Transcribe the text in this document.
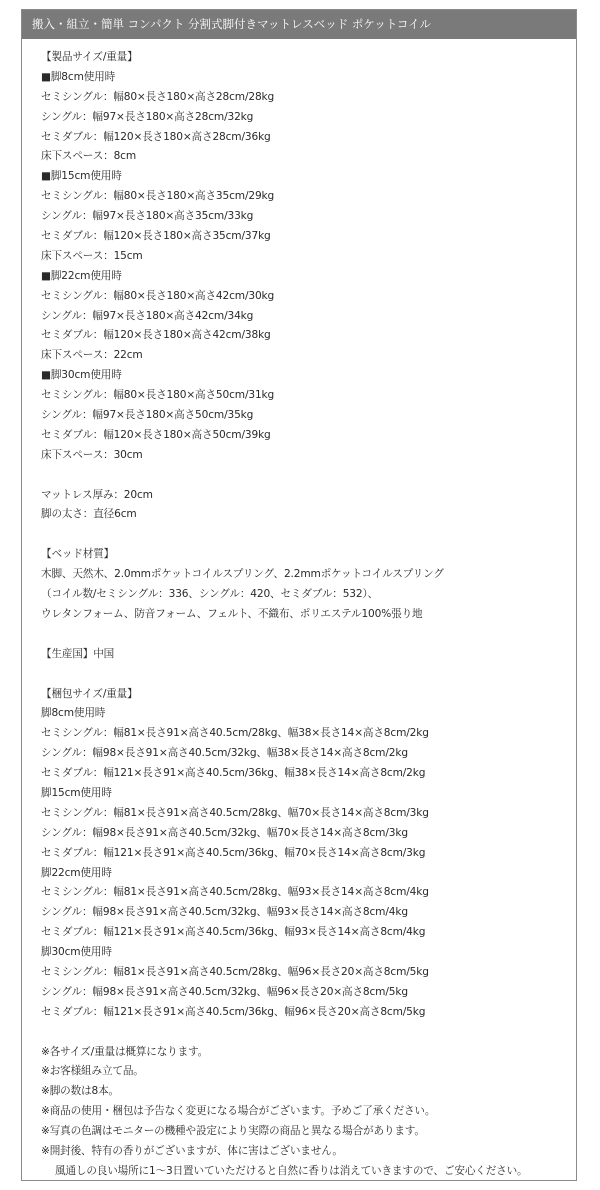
搬入・組立・簡単 コンパクト 分割式脚付きマットレスベッド ポケットコイル
【製品サイズ/重量】
■脚8cm使用時
セミシングル：幅80×長さ180×高さ28cm/28kg
シングル：幅97×長さ180×高さ28cm/32kg
セミダブル：幅120×長さ180×高さ28cm/36kg
床下スペース：8cm
■脚15cm使用時
セミシングル：幅80×長さ180×高さ35cm/29kg
シングル：幅97×長さ180×高さ35cm/33kg
セミダブル：幅120×長さ180×高さ35cm/37kg
床下スペース：15cm
■脚22cm使用時
セミシングル：幅80×長さ180×高さ42cm/30kg
シングル：幅97×長さ180×高さ42cm/34kg
セミダブル：幅120×長さ180×高さ42cm/38kg
床下スペース：22cm
■脚30cm使用時
セミシングル：幅80×長さ180×高さ50cm/31kg
シングル：幅97×長さ180×高さ50cm/35kg
セミダブル：幅120×長さ180×高さ50cm/39kg
床下スペース：30cm
マットレス厚み：20cm
脚の太さ：直径6cm
【ベッド材質】
木脚、天然木、2.0mmポケットコイルスプリング、2.2mmポケットコイルスプリング
（コイル数/セミシングル：336、シングル：420、セミダブル：532）、
ウレタンフォーム、防音フォーム、フェルト、不織布、ポリエステル100%張り地
【生産国】中国
【梱包サイズ/重量】
脚8cm使用時
セミシングル：幅81×長さ91×高さ40.5cm/28kg、幅38×長さ14×高さ8cm/2kg
シングル：幅98×長さ91×高さ40.5cm/32kg、幅38×長さ14×高さ8cm/2kg
セミダブル：幅121×長さ91×高さ40.5cm/36kg、幅38×長さ14×高さ8cm/2kg
脚15cm使用時
セミシングル：幅81×長さ91×高さ40.5cm/28kg、幅70×長さ14×高さ8cm/3kg
シングル：幅98×長さ91×高さ40.5cm/32kg、幅70×長さ14×高さ8cm/3kg
セミダブル：幅121×長さ91×高さ40.5cm/36kg、幅70×長さ14×高さ8cm/3kg
脚22cm使用時
セミシングル：幅81×長さ91×高さ40.5cm/28kg、幅93×長さ14×高さ8cm/4kg
シングル：幅98×長さ91×高さ40.5cm/32kg、幅93×長さ14×高さ8cm/4kg
セミダブル：幅121×長さ91×高さ40.5cm/36kg、幅93×長さ14×高さ8cm/4kg
脚30cm使用時
セミシングル：幅81×長さ91×高さ40.5cm/28kg、幅96×長さ20×高さ8cm/5kg
シングル：幅98×長さ91×高さ40.5cm/32kg、幅96×長さ20×高さ8cm/5kg
セミダブル：幅121×長さ91×高さ40.5cm/36kg、幅96×長さ20×高さ8cm/5kg
※各サイズ/重量は概算になります。
※お客様組み立て品。
※脚の数は8本。
※商品の使用・梱包は予告なく変更になる場合がございます。予めご了承ください。
※写真の色調はモニターの機種や設定により実際の商品と異なる場合があります。
※開封後、特有の香りがございますが、体に害はございません。
風通しの良い場所に1～3日置いていただけると自然に香りは消えていきますので、ご安心ください。
